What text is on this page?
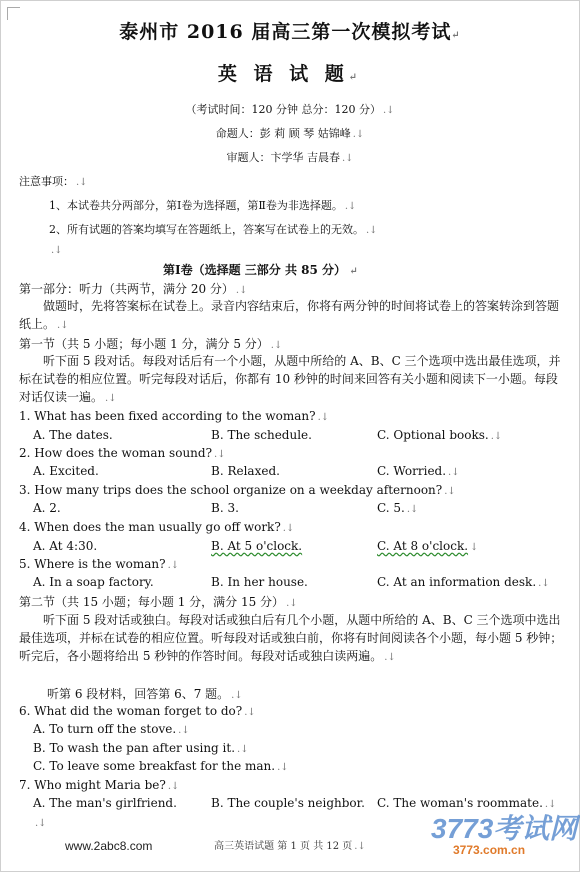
泰州市 2016 届高三第一次模拟考试↵
英 语 试 题↵
（考试时间：120 分钟 总分：120 分） .↓
命题人：彭 莉 顾 琴 姑锦峰 .↓
审题人：卞学华 吉晨春 .↓
注意事项： .↓
1、本试卷共分两部分，第Ⅰ卷为选择题，第Ⅱ卷为非选择题。 .↓
2、所有试题的答案均填写在答题纸上，答案写在试卷上的无效。 .↓
.↓
第Ⅰ卷（选择题 三部分 共 85 分） ↵
第一部分：听力（共两节，满分 20 分） .↓
做题时，先将答案标在试卷上。录音内容结束后，你将有两分钟的时间将试卷上的答案转涂到答题纸上。 .↓
第一节（共 5 小题；每小题 1 分，满分 5 分） .↓
听下面 5 段对话。每段对话后有一个小题，从题中所给的 A、B、C 三个选项中选出最佳选项，并标在试卷的相应位置。听完每段对话后，你都有 10 秒钟的时间来回答有关小题和阅读下一小题。每段对话仅读一遍。 .↓
1. What has been fixed according to the woman? .↓
A. The dates.	B. The schedule.	C. Optional books. .↓
2. How does the woman sound? .↓
A. Excited.	B. Relaxed.	C. Worried. .↓
3. How many trips does the school organize on a weekday afternoon? .↓
A. 2.	B. 3.	C. 5. .↓
4. When does the man usually go off work? .↓
A. At 4:30.	B. At 5 o'clock.	C. At 8 o'clock. ↓
5. Where is the woman? .↓
A. In a soap factory.	B. In her house.	C. At an information desk. .↓
第二节（共 15 小题；每小题 1 分，满分 15 分） .↓
听下面 5 段对话或独白。每段对话或独白后有几个小题，从题中所给的 A、B、C 三个选项中选出最佳选项，并标在试卷的相应位置。听每段对话或独白前，你将有时间阅读各个小题，每小题 5 秒钟；听完后，各小题将给出 5 秒钟的作答时间。每段对话或独白读两遍。 .↓
听第 6 段材料，回答第 6、7 题。 .↓
6. What did the woman forget to do? .↓
A. To turn off the stove. .↓
B. To wash the pan after using it. .↓
C. To leave some breakfast for the man. .↓
7. Who might Maria be? .↓
A. The man's girlfriend.	B. The couple's neighbor. C. The woman's roommate. .↓
.↓
高三英语试题 第 1 页 共 12 页 .↓
www.2abc8.com
3773考试网
3773.com.cn
